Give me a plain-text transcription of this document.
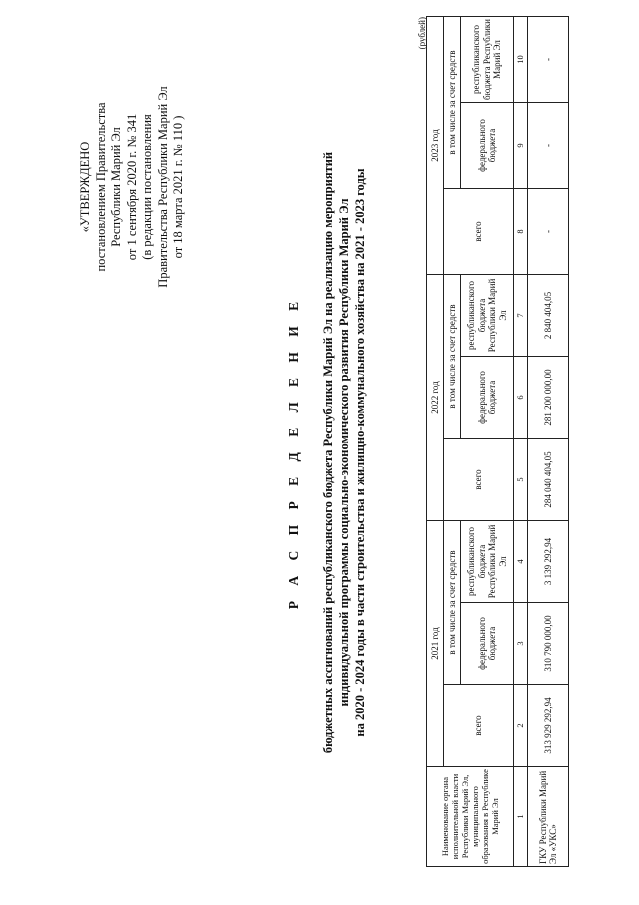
«УТВЕРЖДЕНО постановлением Правительства Республики Марий Эл от 1 сентября 2020 г. № 341 (в редакции постановления Правительства Республики Марий Эл от 18 марта 2021 г. № 110 )
Р А С П Р Е Д Е Л Е Н И Е бюджетных ассигнований республиканского бюджета Республики Марий Эл на реализацию мероприятий индивидуальной программы социально-экономического развития Республики Марий Эл на 2020 - 2024 годы в части строительства и жилищно-коммунального хозяйства на 2021 - 2023 годы
(рублей)
Наименование органа исполнительной власти Республики Марий Эл, муниципального образования в Республике Марий Эл	2021 год			2022 год			2023 год		
	всего	в том числе за счет средств		всего	в том числе за счет средств		всего	в том числе за счет средств	
		федерального бюджета	республиканского бюджета Республики Марий Эл		федерального бюджета	республиканского бюджета Республики Марий Эл		федерального бюджета	республиканского бюджета Республики Марий Эл
1	2	3	4	5	6	7	8	9	10
ГКУ Республики Марий Эл «УКС»	313 929 292,94	310 790 000,00	3 139 292,94	284 040 404,05	281 200 000,00	2 840 404,05	-	-	-
